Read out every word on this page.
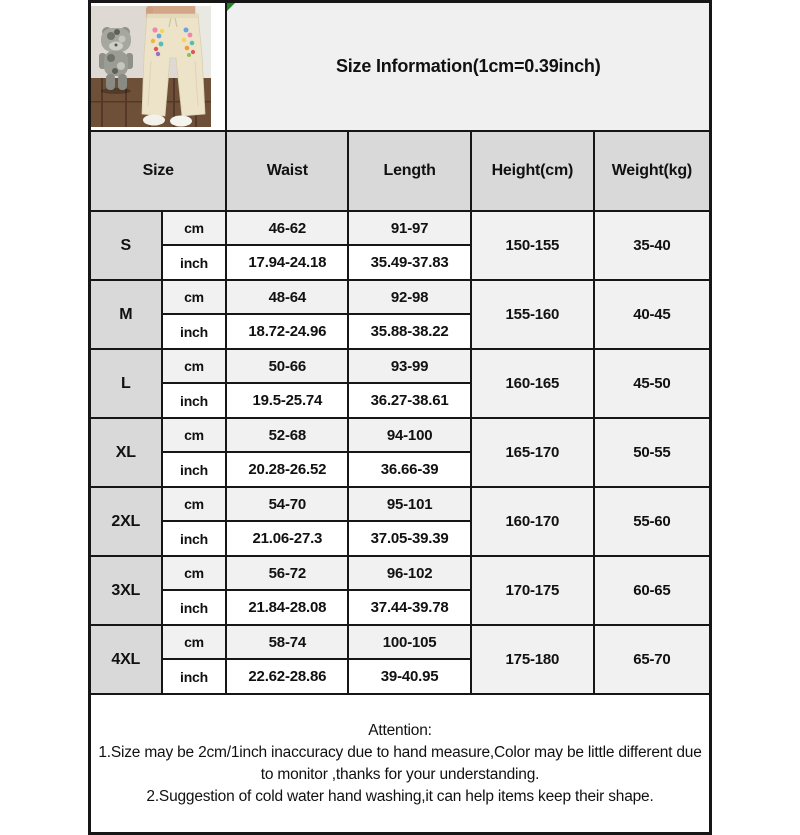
Size Information(1cm=0.39inch)			
Size		Waist	Length	Height(cm)	Weight(kg)
S	cm	46-62	91-97	150-155	35-40
	inch	17.94-24.18	35.49-37.83		
M	cm	48-64	92-98	155-160	40-45
	inch	18.72-24.96	35.88-38.22		
L	cm	50-66	93-99	160-165	45-50
	inch	19.5-25.74	36.27-38.61		
XL	cm	52-68	94-100	165-170	50-55
	inch	20.28-26.52	36.66-39		
2XL	cm	54-70	95-101	160-170	55-60
	inch	21.06-27.3	37.05-39.39		
3XL	cm	56-72	96-102	170-175	60-65
	inch	21.84-28.08	37.44-39.78		
4XL	cm	58-74	100-105	175-180	65-70
	inch	22.62-28.86	39-40.95		

Attention:

1.Size may be 2cm/1inch inaccuracy due to hand measure,Color may be little different due to monitor ,thanks for your understanding.

2.Suggestion of cold water hand washing,it can help items keep their shape.					
